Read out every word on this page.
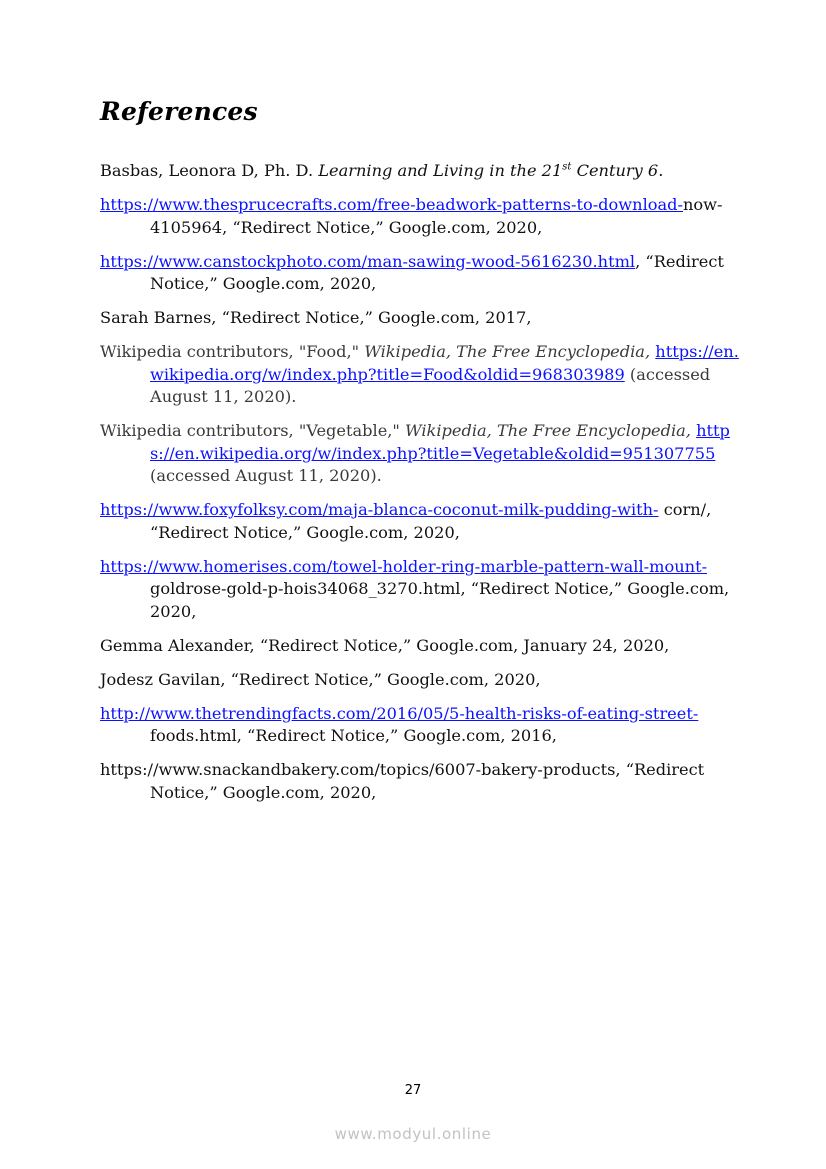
References

Basbas, Leonora D, Ph. D. Learning and Living in the 21st Century 6.

https://www.thesprucecrafts.com/free-beadwork-patterns-to-download-now-4105964, “Redirect Notice,” Google.com, 2020,

https://www.canstockphoto.com/man-sawing-wood-5616230.html, “Redirect Notice,” Google.com, 2020,

Sarah Barnes, “Redirect Notice,” Google.com, 2017,

Wikipedia contributors, "Food," Wikipedia, The Free Encyclopedia, https://en.wikipedia.org/w/index.php?title=Food&oldid=968303989 (accessed August 11, 2020).

Wikipedia contributors, "Vegetable," Wikipedia, The Free Encyclopedia, https://en.wikipedia.org/w/index.php?title=Vegetable&oldid=951307755 (accessed August 11, 2020).

https://www.foxyfolksy.com/maja-blanca-coconut-milk-pudding-with- corn/, “Redirect Notice,” Google.com, 2020,

https://www.homerises.com/towel-holder-ring-marble-pattern-wall-mount- goldrose-gold-p-hois34068_3270.html, “Redirect Notice,” Google.com, 2020,

Gemma Alexander, “Redirect Notice,” Google.com, January 24, 2020,

Jodesz Gavilan, “Redirect Notice,” Google.com, 2020,

http://www.thetrendingfacts.com/2016/05/5-health-risks-of-eating-street- foods.html, “Redirect Notice,” Google.com, 2016,

https://www.snackandbakery.com/topics/6007-bakery-products, “Redirect Notice,” Google.com, 2020,

27
www.modyul.online
